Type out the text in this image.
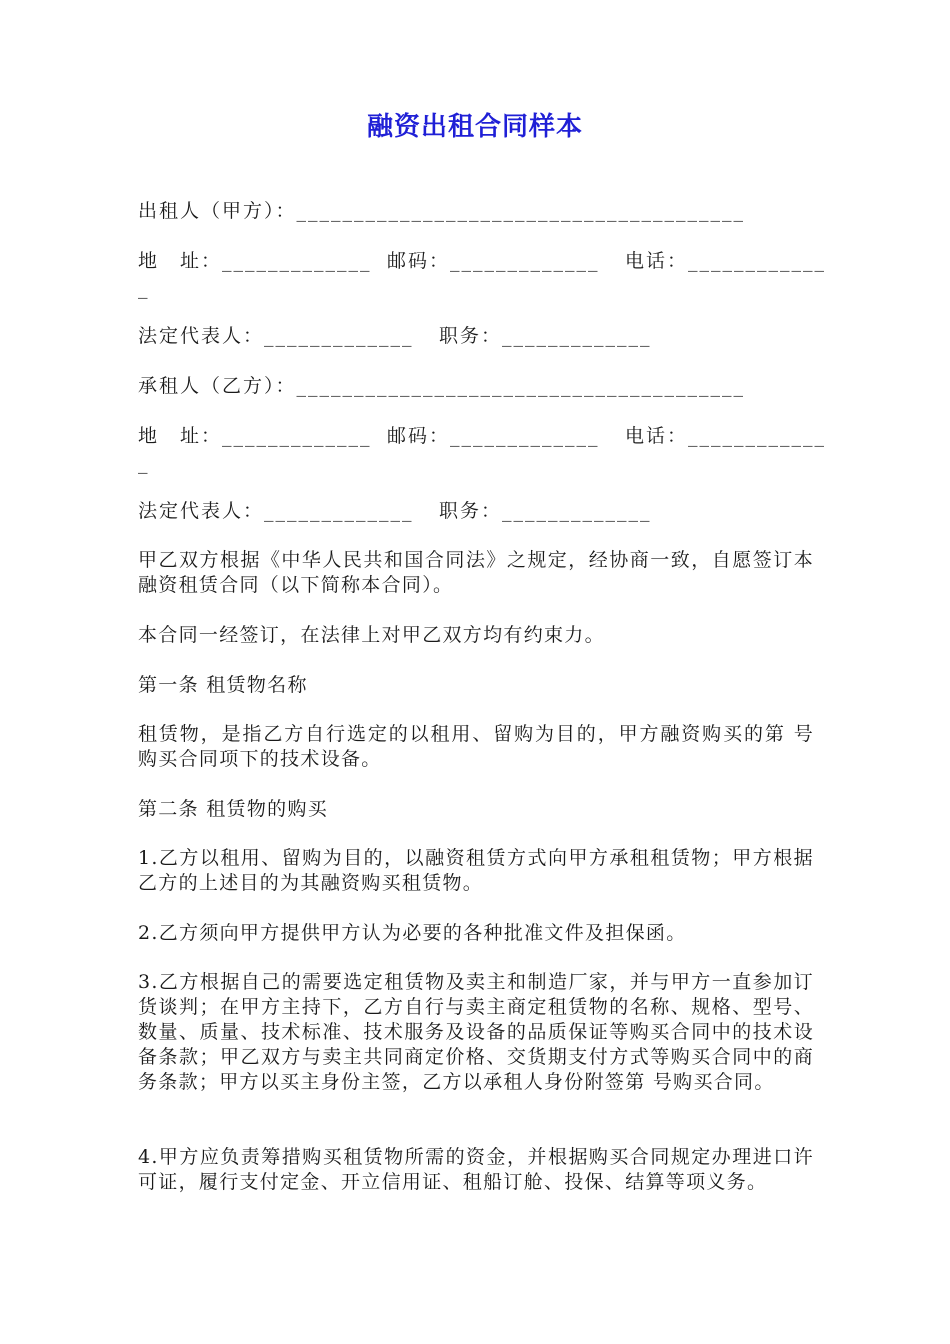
融资出租合同样本
出租人（甲方）：_______________________________________
地　址：_____________ 邮码：_____________ 电话：____________
_
法定代表人：_____________ 职务：_____________
承租人（乙方）：_______________________________________
地　址：_____________ 邮码：_____________ 电话：____________
_
法定代表人：_____________ 职务：_____________
甲乙双方根据《中华人民共和国合同法》之规定，经协商一致，自愿签订本融资租赁合同（以下简称本合同）。
本合同一经签订，在法律上对甲乙双方均有约束力。
第一条 租赁物名称
租赁物，是指乙方自行选定的以租用、留购为目的，甲方融资购买的第 号购买合同项下的技术设备。
第二条 租赁物的购买
1.乙方以租用、留购为目的，以融资租赁方式向甲方承租租赁物；甲方根据乙方的上述目的为其融资购买租赁物。
2.乙方须向甲方提供甲方认为必要的各种批准文件及担保函。
3.乙方根据自己的需要选定租赁物及卖主和制造厂家，并与甲方一直参加订货谈判；在甲方主持下，乙方自行与卖主商定租赁物的名称、规格、型号、数量、质量、技术标准、技术服务及设备的品质保证等购买合同中的技术设备条款；甲乙双方与卖主共同商定价格、交货期支付方式等购买合同中的商务条款；甲方以买主身份主签，乙方以承租人身份附签第 号购买合同。
4.甲方应负责筹措购买租赁物所需的资金，并根据购买合同规定办理进口许可证，履行支付定金、开立信用证、租船订舱、投保、结算等项义务。
